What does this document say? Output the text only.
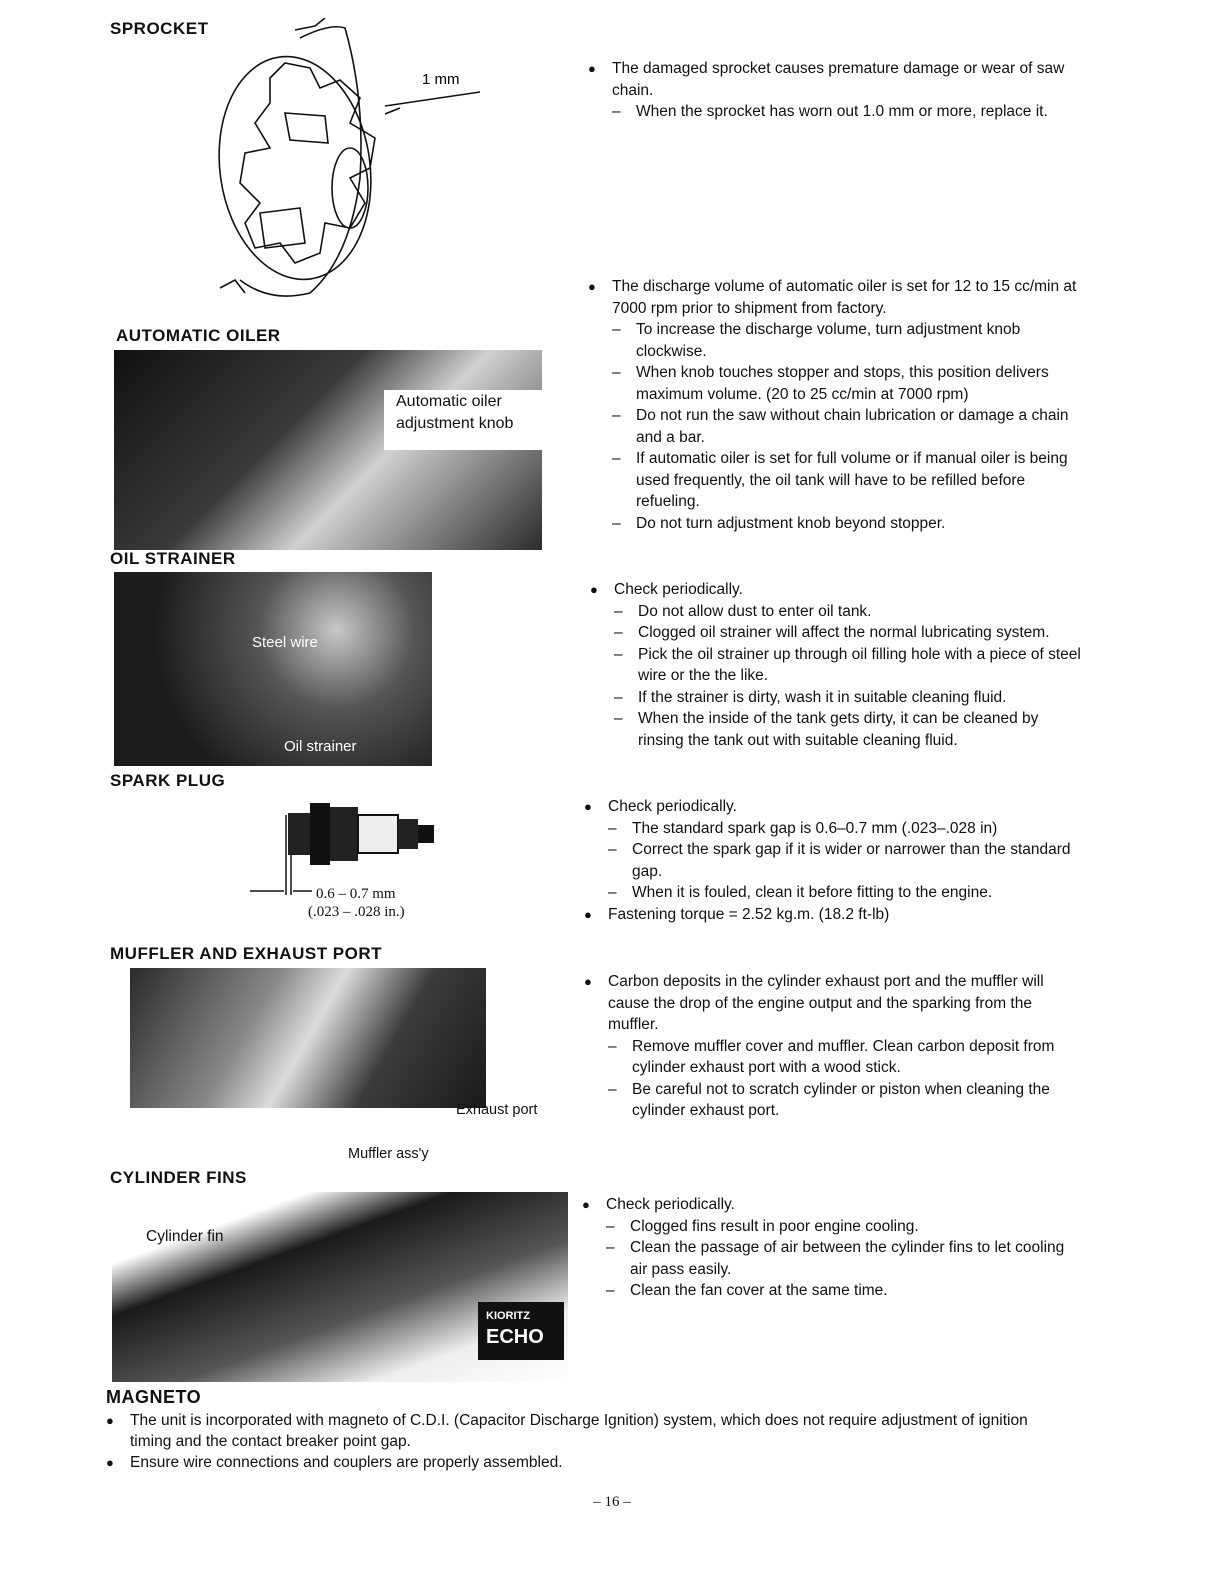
SPROCKET
1 mm
● The damaged sprocket causes premature damage or wear of saw chain.
– When the sprocket has worn out 1.0 mm or more, replace it.
AUTOMATIC OILER
Automatic oiler
adjustment knob
● The discharge volume of automatic oiler is set for 12 to 15 cc/min at 7000 rpm prior to shipment from factory.
– To increase the discharge volume, turn adjustment knob clockwise.
– When knob touches stopper and stops, this position delivers maximum volume. (20 to 25 cc/min at 7000 rpm)
– Do not run the saw without chain lubrication or damage a chain and a bar.
– If automatic oiler is set for full volume or if manual oiler is being used frequently, the oil tank will have to be refilled before refueling.
– Do not turn adjustment knob beyond stopper.
OIL STRAINER
Steel wire
Oil strainer
● Check periodically.
– Do not allow dust to enter oil tank.
– Clogged oil strainer will affect the normal lubricating system.
– Pick the oil strainer up through oil filling hole with a piece of steel wire or the the like.
– If the strainer is dirty, wash it in suitable cleaning fluid.
– When the inside of the tank gets dirty, it can be cleaned by rinsing the tank out with suitable cleaning fluid.
SPARK PLUG
0.6 – 0.7 mm
(.023 – .028 in.)
● Check periodically.
– The standard spark gap is 0.6–0.7 mm (.023–.028 in)
– Correct the spark gap if it is wider or narrower than the standard gap.
– When it is fouled, clean it before fitting to the engine.
● Fastening torque = 2.52 kg.m. (18.2 ft-lb)
MUFFLER AND EXHAUST PORT
Exhaust port
Muffler ass'y
● Carbon deposits in the cylinder exhaust port and the muffler will cause the drop of the engine output and the sparking from the muffler.
– Remove muffler cover and muffler. Clean carbon deposit from cylinder exhaust port with a wood stick.
– Be careful not to scratch cylinder or piston when cleaning the cylinder exhaust port.
CYLINDER FINS
Cylinder fin
KIORITZ
ECHO
● Check periodically.
– Clogged fins result in poor engine cooling.
– Clean the passage of air between the cylinder fins to let cooling air pass easily.
– Clean the fan cover at the same time.
MAGNETO
● The unit is incorporated with magneto of C.D.I. (Capacitor Discharge Ignition) system, which does not require adjustment of ignition timing and the contact breaker point gap.
● Ensure wire connections and couplers are properly assembled.
– 16 –
